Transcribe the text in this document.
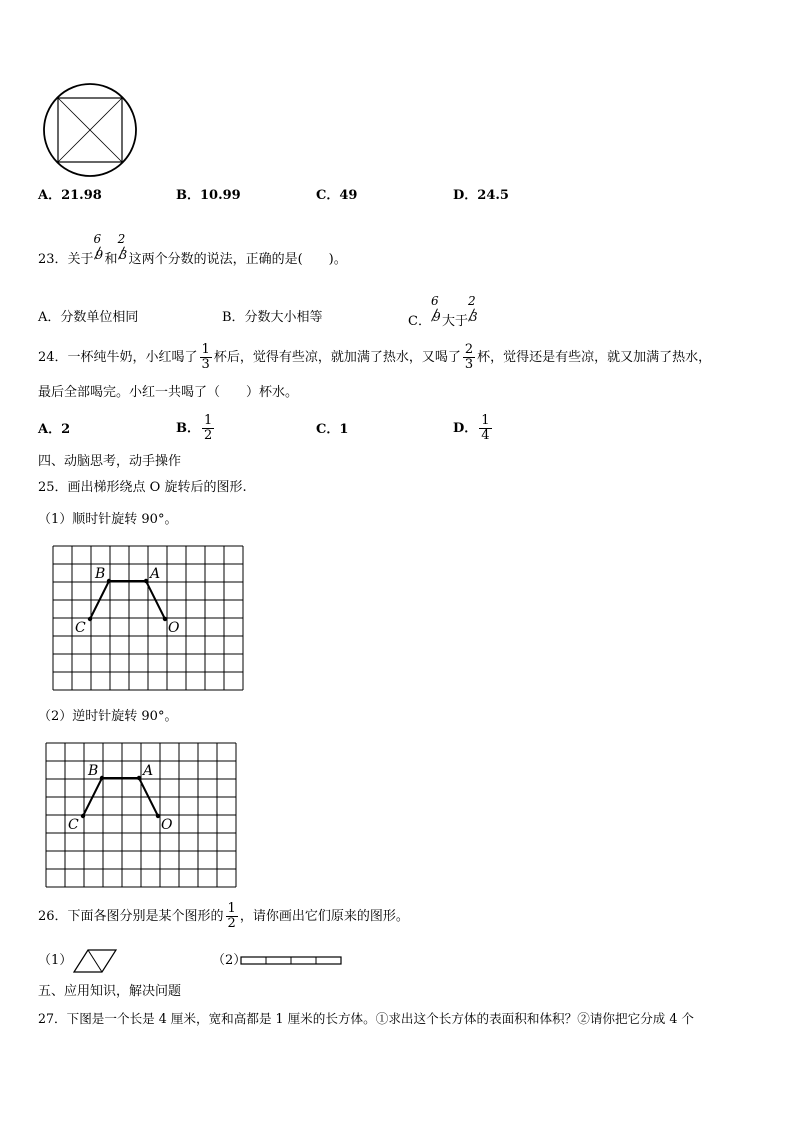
A．21.98	B．10.99	C．49	D．24.5
23．关于
6
9 和
2
3 这两个分数的说法，正确的是(　　)。
A．分数单位相同	B．分数大小相等	C．
6
9 大于
2
3
24．一杯纯牛奶，小红喝了 $\frac{1}{3}$ 杯后，觉得有些凉，就加满了热水，又喝了 $\frac{2}{3}$ 杯，觉得还是有些凉，就又加满了热水，
最后全部喝完。小红一共喝了（　　）杯水。
A．2	B． $\frac{1}{2}$	C．1	D． $\frac{1}{4}$
四、动脑思考，动手操作
25．画出梯形绕点 O 旋转后的图形.
（1）顺时针旋转 90°。
B	A
C	O
（2）逆时针旋转 90°。
B	A
C	O
26．下面各图分别是某个图形的 $\frac{1}{2}$ ，请你画出它们原来的图形。
（1）	（2）
五、应用知识，解决问题
27．下图是一个长是 4 厘米，宽和高都是 1 厘米的长方体。①求出这个长方体的表面积和体积？②请你把它分成 4 个
